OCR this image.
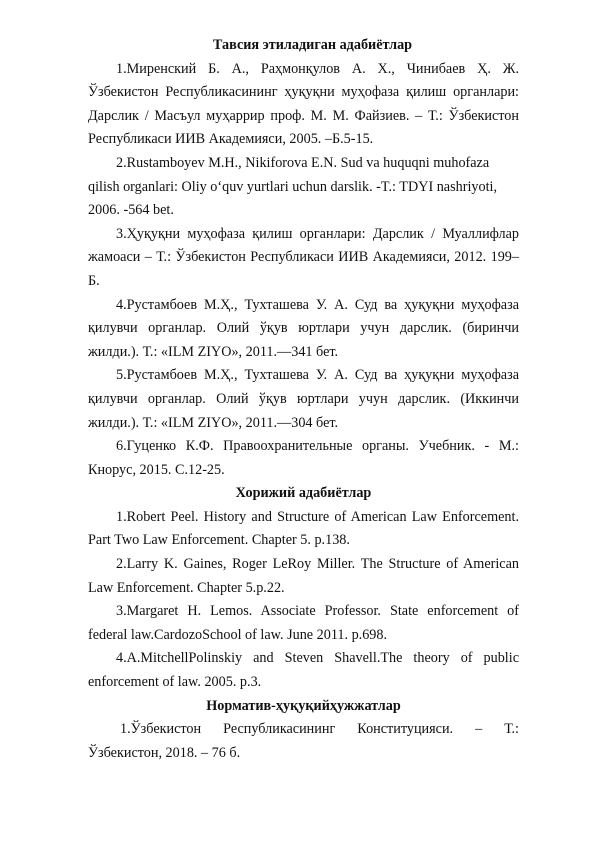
Тавсия этиладиган адабиётлар

1.Миренский Б. А., Раҳмонқулов А. Х., Чинибаев Ҳ. Ж. Ўзбекистон Республикасининг ҳуқуқни муҳофаза қилиш органлари: Дарслик / Масъул муҳаррир проф. М. М. Файзиев. – Т.: Ўзбекистон Республикаси ИИВ Академияси, 2005. –Б.5-15.

2.Rustamboyev M.H., Nikiforova E.N. Sud va huquqni muhofaza qilish organlari: Oliy o‘quv yurtlari uchun darslik. -T.: TDYI nashriyoti, 2006. -564 bet.

3.Ҳуқуқни муҳофаза қилиш органлари: Дарслик / Муаллифлар жамоаси – Т.: Ўзбекистон Республикаси ИИВ Академияси, 2012. 199–Б.

4.Рустамбоев М.Ҳ., Тухташева У. А. Суд ва ҳуқуқни муҳофаза қилувчи органлар. Олий ўқув юртлари учун дарслик. (биринчи жилди.). Т.: «ILM ZIYO», 2011.—341 бет.

5.Рустамбоев М.Ҳ., Тухташева У. А. Суд ва ҳуқуқни муҳофаза қилувчи органлар. Олий ўқув юртлари учун дарслик. (Иккинчи жилди.). Т.: «ILM ZIYO», 2011.—304 бет.

6.Гуценко К.Ф. Правоохранительные органы. Учебник. - М.: Кнорус, 2015. С.12-25.

Хорижий адабиётлар

1.Robert Peel. History and Structure of American Law Enforcement. Part Two Law Enforcement. Chapter 5. p.138.

2.Larry K. Gaines, Roger LeRoy Miller. The Structure of American Law Enforcement. Chapter 5.p.22.

3.Margaret H. Lemos. Associate Professor. State enforcement of federal law.CardozoSchool of law. June 2011. p.698.

4.A.MitchellPolinskiy and Steven Shavell.The theory of public enforcement of law. 2005. p.3.

Норматив-ҳуқуқийҳужжатлар

1.Ўзбекистон Республикасининг Конституцияси. – Т.: Ўзбекистон, 2018. – 76 б.
